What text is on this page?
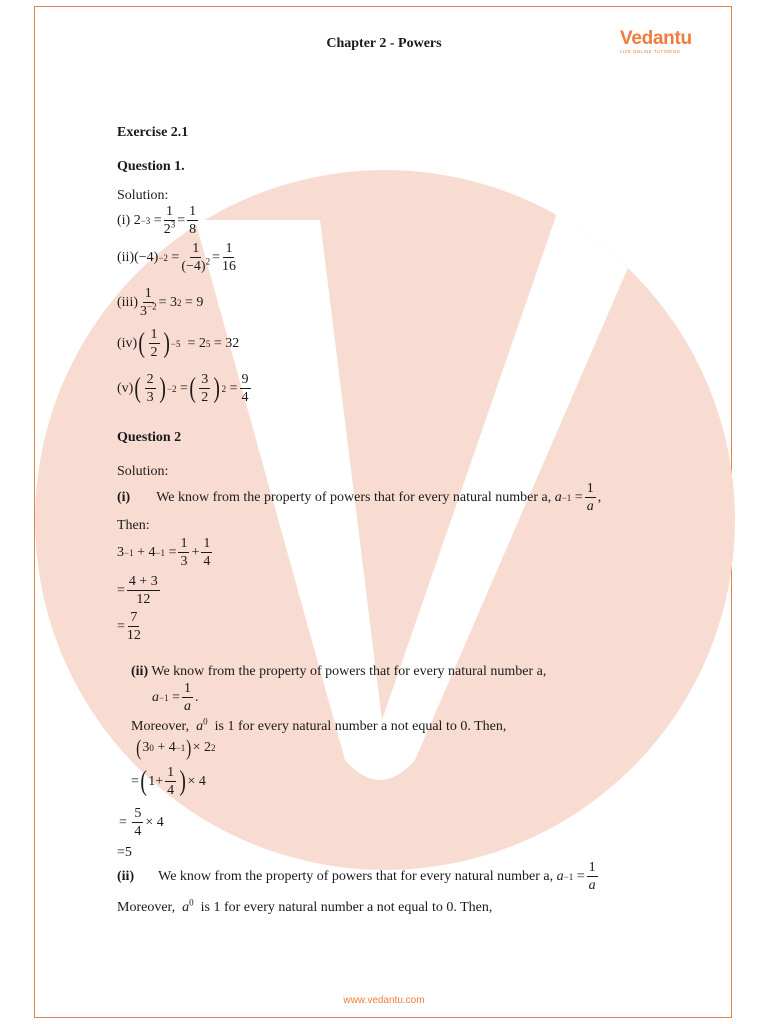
Chapter 2 - Powers	Vedantu
LIVE ONLINE TUTORING
Exercise 2.1
Question 1.
Solution:
(i) $2 -3 = \frac{1}{2^3} = \frac{1}{8}$
(ii) $(-4) -2 = \frac{1}{(-4)^2} = \frac{1}{16}$
$(iii) \frac{1}{3^{-2}} = 3$ 2 = 9
(iv) ( $\frac{1}{2}$ ) −5 = 2 5 = 32
(v) ( $\frac{2}{3}$ ) −2 = ( $\frac{3}{2}$ ) $2 = \frac{9}{4}$
Question 2
Solution:
(i) We know from the property of powers that for every natural number a,
$a -1 = \frac{1}{a}$ ,
Then:
$3 -1 + 4 -1 = \frac{1}{3} + \frac{1}{4}$
= $\frac{4 + 3}{12}$
= $\frac{7}{12}$
(ii) We know from the property of powers that for every natural number a,
$a -1 = \frac{1}{a}$ .
Moreover, $a^0$ is 1 for every natural number a not equal to 0. Then,
( 3 0 + 4 −1 ) × 2 2
= ( $1+ \frac{1}{4}$ ) × 4
= $\frac{5}{4} \times 4$
=5
(ii) We know from the property of powers that for every natural number a,
$a -1 = \frac{1}{a}$
Moreover, $a^0$ is 1 for every natural number a not equal to 0. Then,
www.vedantu.com
